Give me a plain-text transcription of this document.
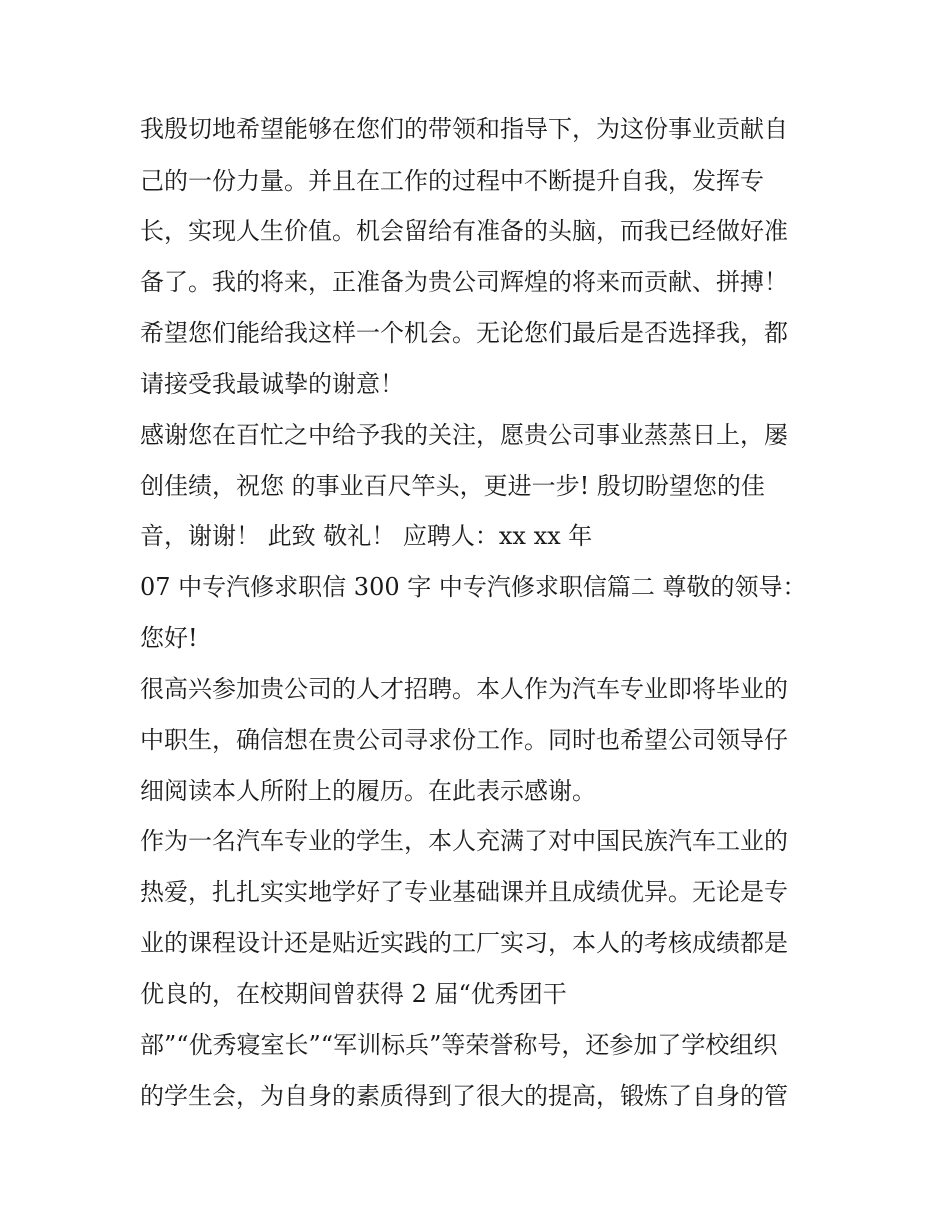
我殷切地希望能够在您们的带领和指导下，为这份事业贡献自
己的一份力量。并且在工作的过程中不断提升自我，发挥专
长，实现人生价值。机会留给有准备的头脑，而我已经做好准
备了。我的将来，正准备为贵公司辉煌的将来而贡献、拼搏！
希望您们能给我这样一个机会。无论您们最后是否选择我，都
请接受我最诚挚的谢意！
感谢您在百忙之中给予我的关注，愿贵公司事业蒸蒸日上，屡
创佳绩，祝您 的事业百尺竿头，更进一步! 殷切盼望您的佳
音，谢谢！ 此致 敬礼！ 应聘人：xx xx 年
07 中专汽修求职信 300 字 中专汽修求职信篇二 尊敬的领导：
您好!
很高兴参加贵公司的人才招聘。本人作为汽车专业即将毕业的
中职生，确信想在贵公司寻求份工作。同时也希望公司领导仔
细阅读本人所附上的履历。在此表示感谢。
作为一名汽车专业的学生，本人充满了对中国民族汽车工业的
热爱，扎扎实实地学好了专业基础课并且成绩优异。无论是专
业的课程设计还是贴近实践的工厂实习，本人的考核成绩都是
优良的，在校期间曾获得 2 届“优秀团干
部”“优秀寝室长”“军训标兵”等荣誉称号，还参加了学校组织
的学生会，为自身的素质得到了很大的提高，锻炼了自身的管
